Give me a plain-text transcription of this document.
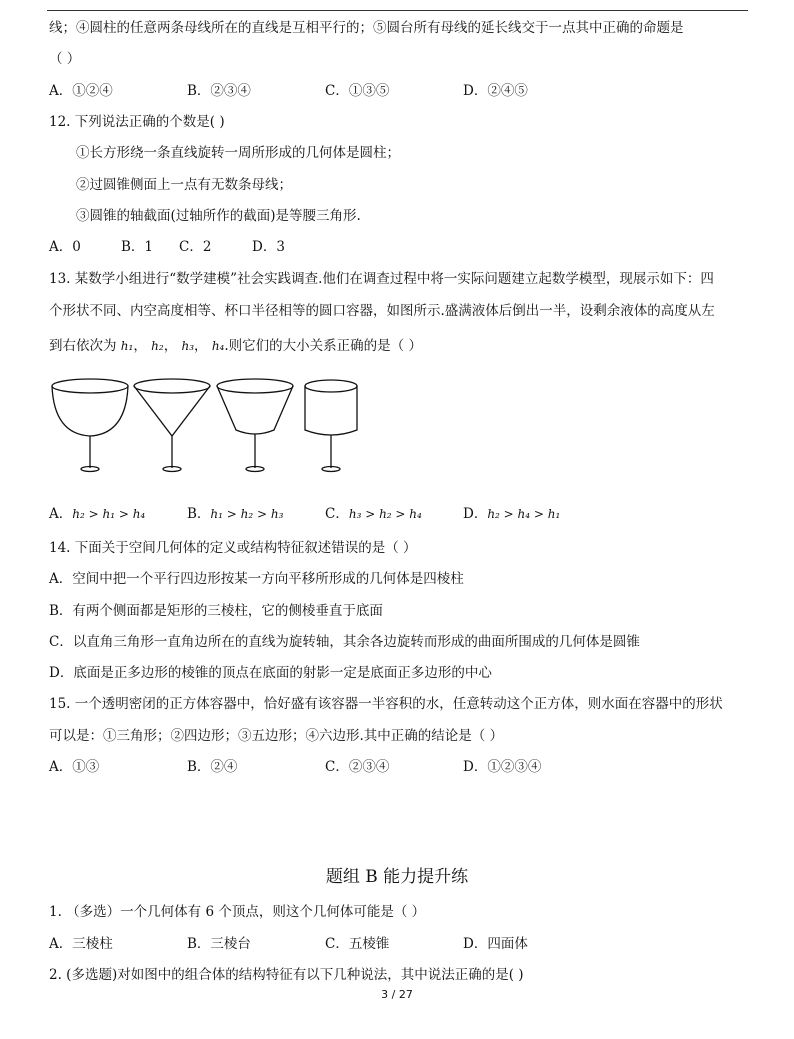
线；④圆柱的任意两条母线所在的直线是互相平行的；⑤圆台所有母线的延长线交于一点其中正确的命题是
（ ）
A．①②④	B．②③④	C．①③⑤	D．②④⑤
12. 下列说法正确的个数是( )
①长方形绕一条直线旋转一周所形成的几何体是圆柱；
②过圆锥侧面上一点有无数条母线；
③圆锥的轴截面(过轴所作的截面)是等腰三角形.
A．0	B．1 C．2	D．3
13. 某数学小组进行“数学建模”社会实践调查.他们在调查过程中将一实际问题建立起数学模型，现展示如下：四
个形状不同、内空高度相等、杯口半径相等的圆口容器，如图所示.盛满液体后倒出一半，设剩余液体的高度从左
到右依次为 h₁， h₂， h₃， h₄.则它们的大小关系正确的是（ ）
A．h₂ > h₁ > h₄	B．h₁ > h₂ > h₃	C．h₃ > h₂ > h₄	D．h₂ > h₄ > h₁
14. 下面关于空间几何体的定义或结构特征叙述错误的是（ ）
A．空间中把一个平行四边形按某一方向平移所形成的几何体是四棱柱
B．有两个侧面都是矩形的三棱柱，它的侧棱垂直于底面
C．以直角三角形一直角边所在的直线为旋转轴，其余各边旋转而形成的曲面所围成的几何体是圆锥
D．底面是正多边形的棱锥的顶点在底面的射影一定是底面正多边形的中心
15. 一个透明密闭的正方体容器中，恰好盛有该容器一半容积的水，任意转动这个正方体，则水面在容器中的形状
可以是：①三角形；②四边形；③五边形；④六边形.其中正确的结论是（ ）
A．①③	B．②④	C．②③④	D．①②③④
题组 B 能力提升练
1. （多选）一个几何体有 6 个顶点，则这个几何体可能是（ ）
A．三棱柱	B．三棱台	C．五棱锥	D．四面体
2. (多选题)对如图中的组合体的结构特征有以下几种说法，其中说法正确的是( )
3 / 27
